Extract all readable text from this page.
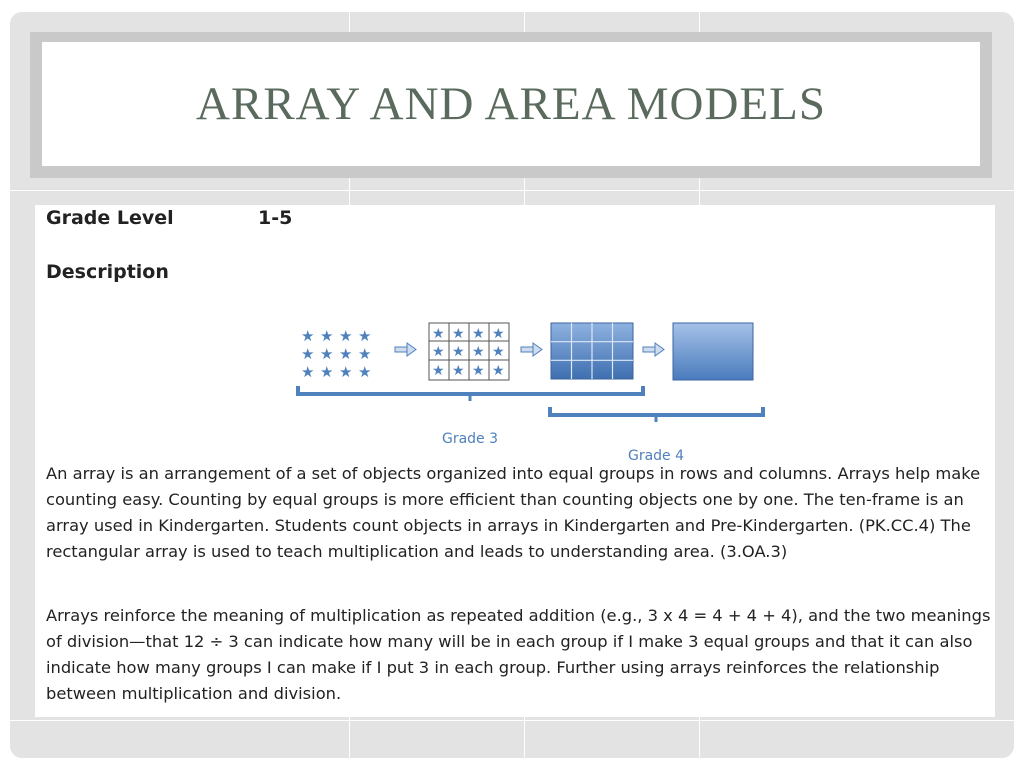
ARRAY AND AREA MODELS
Grade Level	1-5
Description
★ ★ ★ ★
★ ★ ★ ★
★ ★ ★ ★
★ ★ ★ ★
★ ★ ★ ★
★ ★ ★ ★
Grade 3
Grade 4

An array is an arrangement of a set of objects organized into equal groups in rows and columns. Arrays help make counting easy. Counting by equal groups is more efficient than counting objects one by one. The ten-frame is an array used in Kindergarten. Students count objects in arrays in Kindergarten and Pre-Kindergarten. (PK.CC.4) The rectangular array is used to teach multiplication and leads to understanding area. (3.OA.3)

Arrays reinforce the meaning of multiplication as repeated addition (e.g., 3 x 4 = 4 + 4 + 4), and the two meanings of division—that 12 ÷ 3 can indicate how many will be in each group if I make 3 equal groups and that it can also indicate how many groups I can make if I put 3 in each group. Further using arrays reinforces the relationship between multiplication and division.
